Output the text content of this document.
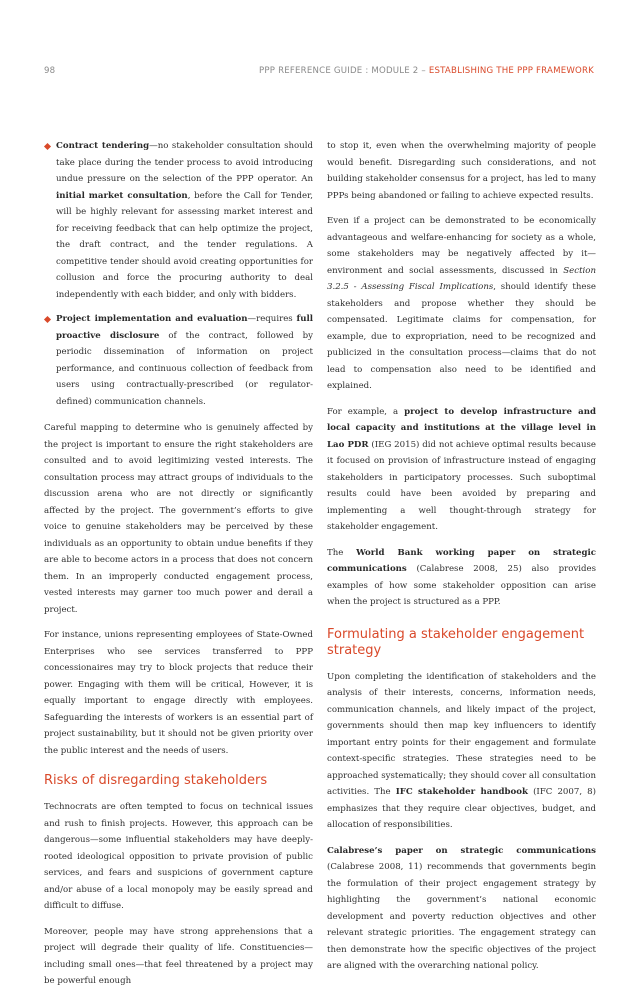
98	PPP REFERENCE GUIDE : MODULE 2 – ESTABLISHING THE PPP FRAMEWORK
Contract tendering—no stakeholder consultation should take place during the tender process to avoid introducing undue pressure on the selection of the PPP operator. An initial market consultation, before the Call for Tender, will be highly relevant for assessing market interest and for receiving feedback that can help optimize the project, the draft contract, and the tender regulations. A competitive tender should avoid creating opportunities for collusion and force the procuring authority to deal independently with each bidder, and only with bidders.
Project implementation and evaluation—requires full proactive disclosure of the contract, followed by periodic dissemination of information on project performance, and continuous collection of feedback from users using contractually-prescribed (or regulator-defined) communication channels.

Careful mapping to determine who is genuinely affected by the project is important to ensure the right stakeholders are consulted and to avoid legitimizing vested interests. The consultation process may attract groups of individuals to the discussion arena who are not directly or significantly affected by the project. The government’s efforts to give voice to genuine stakeholders may be perceived by these individuals as an opportunity to obtain undue benefits if they are able to become actors in a process that does not concern them. In an improperly conducted engagement process, vested interests may garner too much power and derail a project.

For instance, unions representing employees of State-Owned Enterprises who see services transferred to PPP concessionaires may try to block projects that reduce their power. Engaging with them will be critical, However, it is equally important to engage directly with employees. Safeguarding the interests of workers is an essential part of project sustainability, but it should not be given priority over the public interest and the needs of users.

Risks of disregarding stakeholders

Technocrats are often tempted to focus on technical issues and rush to finish projects. However, this approach can be dangerous—some influential stakeholders may have deeply-rooted ideological opposition to private provision of public services, and fears and suspicions of government capture and/or abuse of a local monopoly may be easily spread and difficult to diffuse.

Moreover, people may have strong apprehensions that a project will degrade their quality of life. Constituencies—including small ones—that feel threatened by a project may be powerful enough

to stop it, even when the overwhelming majority of people would benefit. Disregarding such considerations, and not building stakeholder consensus for a project, has led to many PPPs being abandoned or failing to achieve expected results.

Even if a project can be demonstrated to be economically advantageous and welfare-enhancing for society as a whole, some stakeholders may be negatively affected by it—environment and social assessments, discussed in Section 3.2.5 - Assessing Fiscal Implications, should identify these stakeholders and propose whether they should be compensated. Legitimate claims for compensation, for example, due to expropriation, need to be recognized and publicized in the consultation process—claims that do not lead to compensation also need to be identified and explained.

For example, a project to develop infrastructure and local capacity and institutions at the village level in Lao PDR (IEG 2015) did not achieve optimal results because it focused on provision of infrastructure instead of engaging stakeholders in participatory processes. Such suboptimal results could have been avoided by preparing and implementing a well thought-through strategy for stakeholder engagement.

The World Bank working paper on strategic communications (Calabrese 2008, 25) also provides examples of how some stakeholder opposition can arise when the project is structured as a PPP.

Formulating a stakeholder engagement strategy

Upon completing the identification of stakeholders and the analysis of their interests, concerns, information needs, communication channels, and likely impact of the project, governments should then map key influencers to identify important entry points for their engagement and formulate context-specific strategies. These strategies need to be approached systematically; they should cover all consultation activities. The IFC stakeholder handbook (IFC 2007, 8) emphasizes that they require clear objectives, budget, and allocation of responsibilities.

Calabrese’s paper on strategic communications (Calabrese 2008, 11) recommends that governments begin the formulation of their project engagement strategy by highlighting the government’s national economic development and poverty reduction objectives and other relevant strategic priorities. The engagement strategy can then demonstrate how the specific objectives of the project are aligned with the overarching national policy.
